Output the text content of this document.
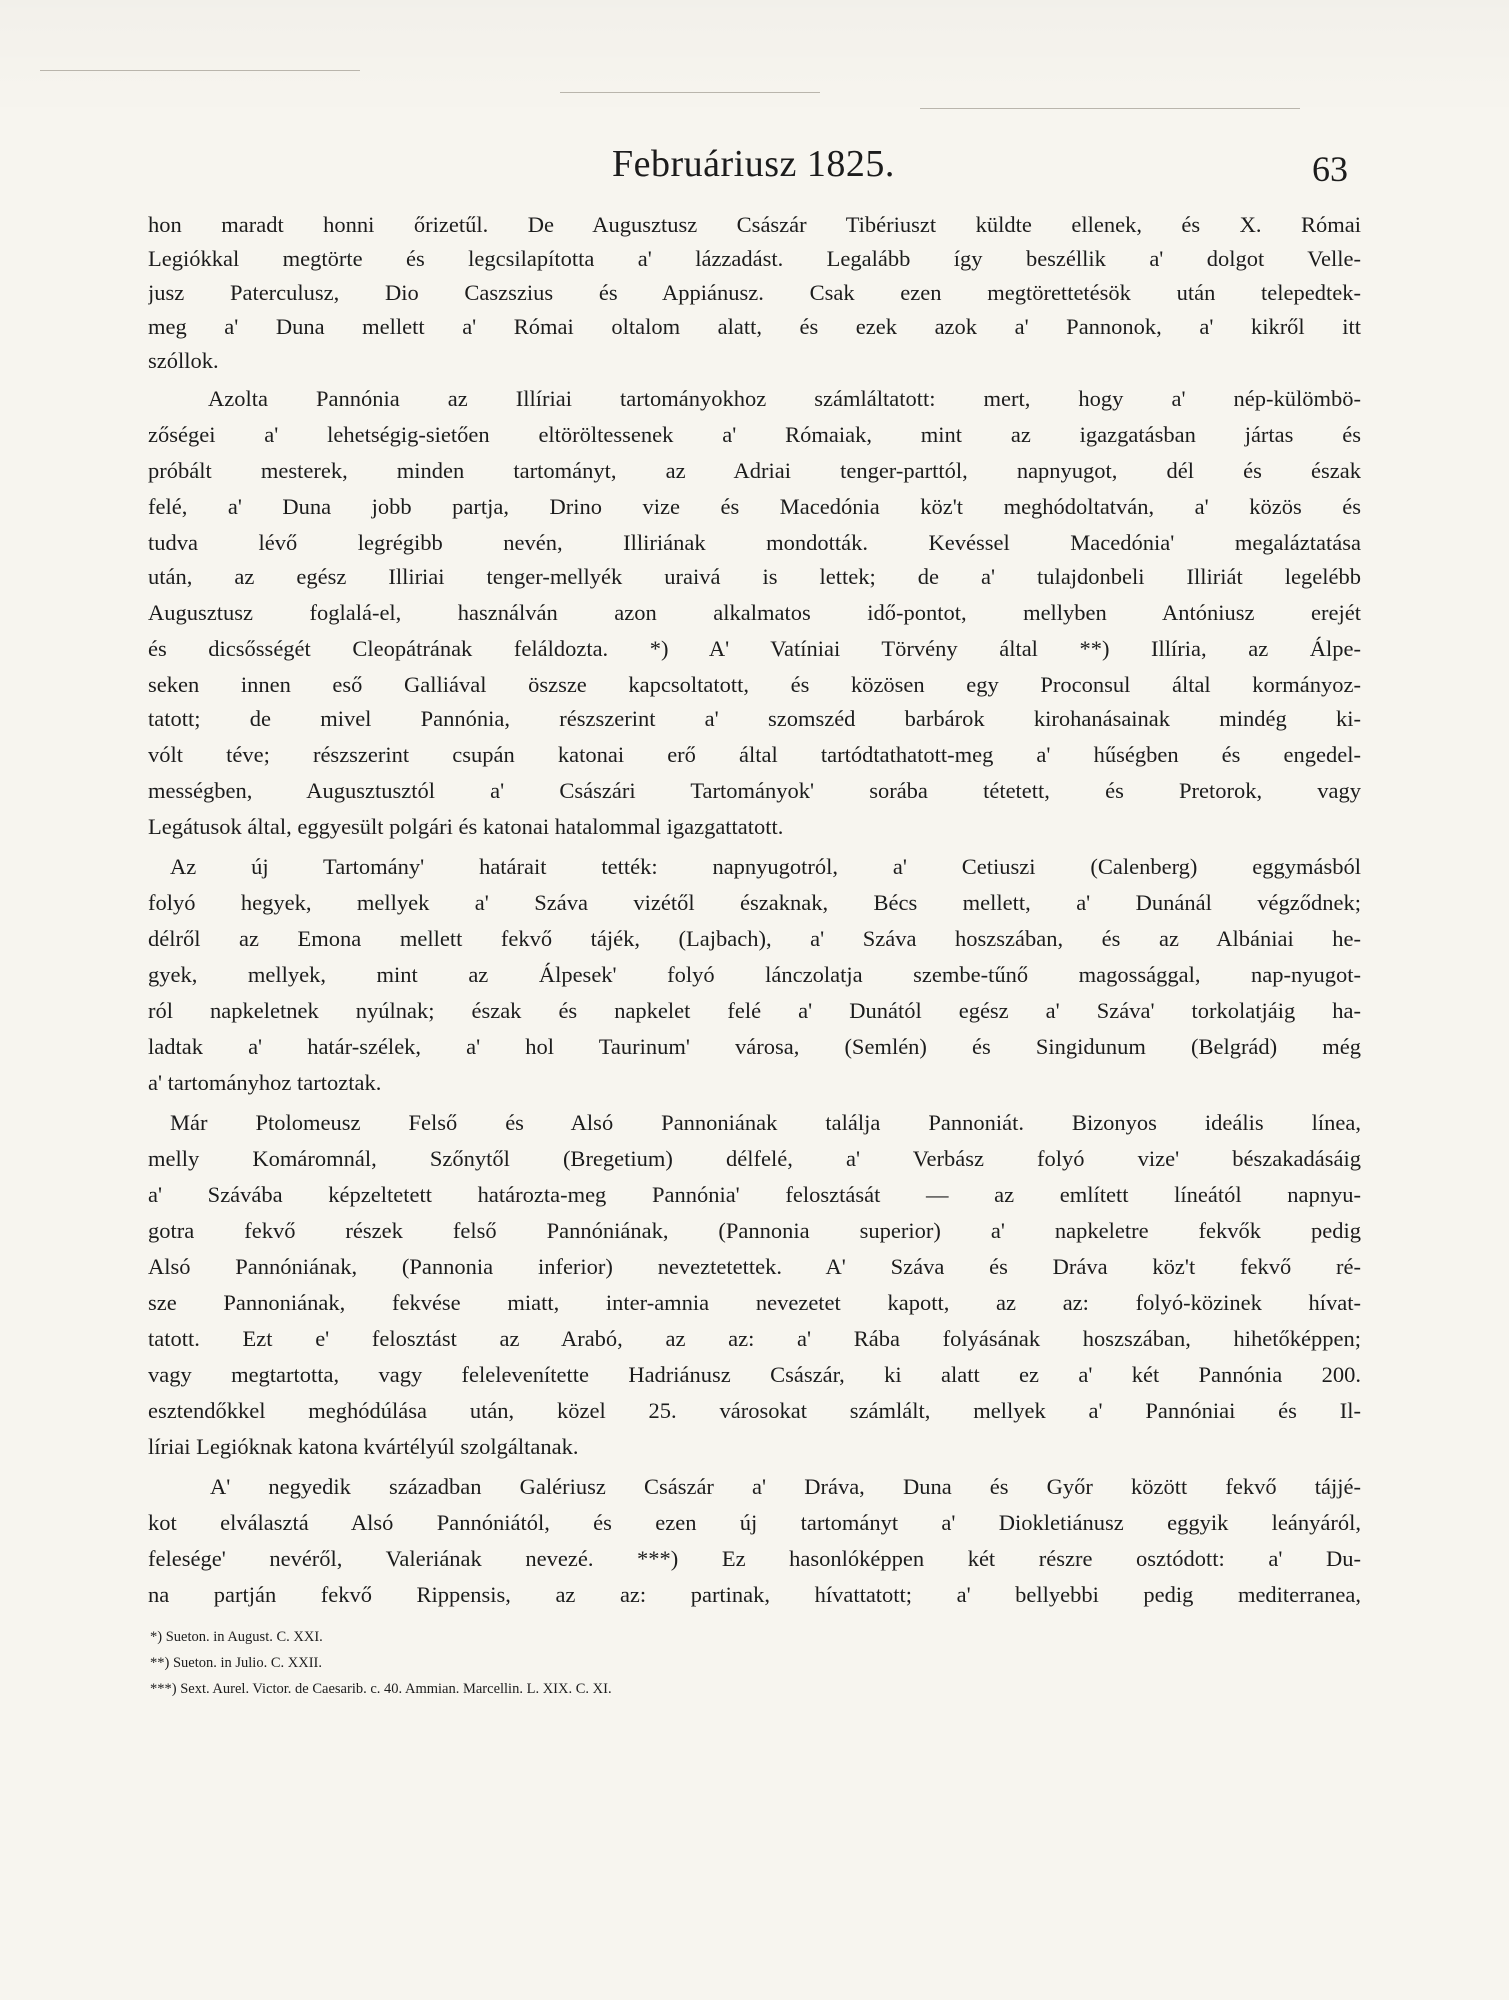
Februáriusz 1825.	63
hon maradt honni őrizetűl. De Augusztusz Császár Tibériuszt küldte ellenek, és X. Római
Legiókkal megtörte és legcsilapította a' lázzadást. Legalább így beszéllik a' dolgot Velle-
jusz Paterculusz, Dio Caszszius és Appiánusz. Csak ezen megtörettetésök után telepedtek-
meg a' Duna mellett a' Római oltalom alatt, és ezek azok a' Pannonok, a' kikről itt
szóllok.
Azolta Pannónia az Illíriai tartományokhoz számláltatott: mert, hogy a' nép-külömbö-
zőségei a' lehetségig-sietően eltöröltessenek a' Rómaiak, mint az igazgatásban jártas és
próbált mesterek, minden tartományt, az Adriai tenger-parttól, napnyugot, dél és észak
felé, a' Duna jobb partja, Drino vize és Macedónia köz't meghódoltatván, a' közös és
tudva lévő legrégibb nevén, Illiriának mondották. Kevéssel Macedónia' megaláztatása
után, az egész Illiriai tenger-mellyék uraivá is lettek; de a' tulajdonbeli Illiriát legelébb
Augusztusz foglalá-el, használván azon alkalmatos idő-pontot, mellyben Antóniusz erejét
és dicsősségét Cleopátrának feláldozta. *) A' Vatíniai Törvény által **) Illíria, az Álpe-
seken innen eső Galliával öszsze kapcsoltatott, és közösen egy Proconsul által kormányoz-
tatott; de mivel Pannónia, részszerint a' szomszéd barbárok kirohanásainak mindég ki-
vólt téve; részszerint csupán katonai erő által tartódtathatott-meg a' hűségben és engedel-
mességben, Augusztusztól a' Császári Tartományok' sorába tétetett, és Pretorok, vagy
Legátusok által, eggyesült polgári és katonai hatalommal igazgattatott.
Az új Tartomány' határait tették: napnyugotról, a' Cetiuszi (Calenberg) eggymásból
folyó hegyek, mellyek a' Száva vizétől északnak, Bécs mellett, a' Dunánál végződnek;
délről az Emona mellett fekvő tájék, (Lajbach), a' Száva hoszszában, és az Albániai he-
gyek, mellyek, mint az Álpesek' folyó lánczolatja szembe-tűnő magossággal, nap-nyugot-
ról napkeletnek nyúlnak; észak és napkelet felé a' Dunától egész a' Száva' torkolatjáig ha-
ladtak a' határ-szélek, a' hol Taurinum' városa, (Semlén) és Singidunum (Belgrád) még
a' tartományhoz tartoztak.
Már Ptolomeusz Felső és Alsó Pannoniának találja Pannoniát. Bizonyos ideális línea,
melly Komáromnál, Szőnytől (Bregetium) délfelé, a' Verbász folyó vize' bészakadásáig
a' Szávába képzeltetett határozta-meg Pannónia' felosztását — az említett líneától napnyu-
gotra fekvő részek felső Pannóniának, (Pannonia superior) a' napkeletre fekvők pedig
Alsó Pannóniának, (Pannonia inferior) neveztetettek. A' Száva és Dráva köz't fekvő ré-
sze Pannoniának, fekvése miatt, inter-amnia nevezetet kapott, az az: folyó-közinek hívat-
tatott. Ezt e' felosztást az Arabó, az az: a' Rába folyásának hoszszában, hihetőképpen;
vagy megtartotta, vagy felelevenítette Hadriánusz Császár, ki alatt ez a' két Pannónia 200.
esztendőkkel meghódúlása után, közel 25. városokat számlált, mellyek a' Pannóniai és Il-
líriai Legióknak katona kvártélyúl szolgáltanak.
A' negyedik században Galériusz Császár a' Dráva, Duna és Győr között fekvő tájjé-
kot elválasztá Alsó Pannóniától, és ezen új tartományt a' Diokletiánusz eggyik leányáról,
felesége' nevéről, Valeriának nevezé. ***) Ez hasonlóképpen két részre osztódott: a' Du-
na partján fekvő Rippensis, az az: partinak, hívattatott; a' bellyebbi pedig mediterranea,
*) Sueton. in August. C. XXI.
**) Sueton. in Julio. C. XXII.
***) Sext. Aurel. Victor. de Caesarib. c. 40. Ammian. Marcellin. L. XIX. C. XI.
